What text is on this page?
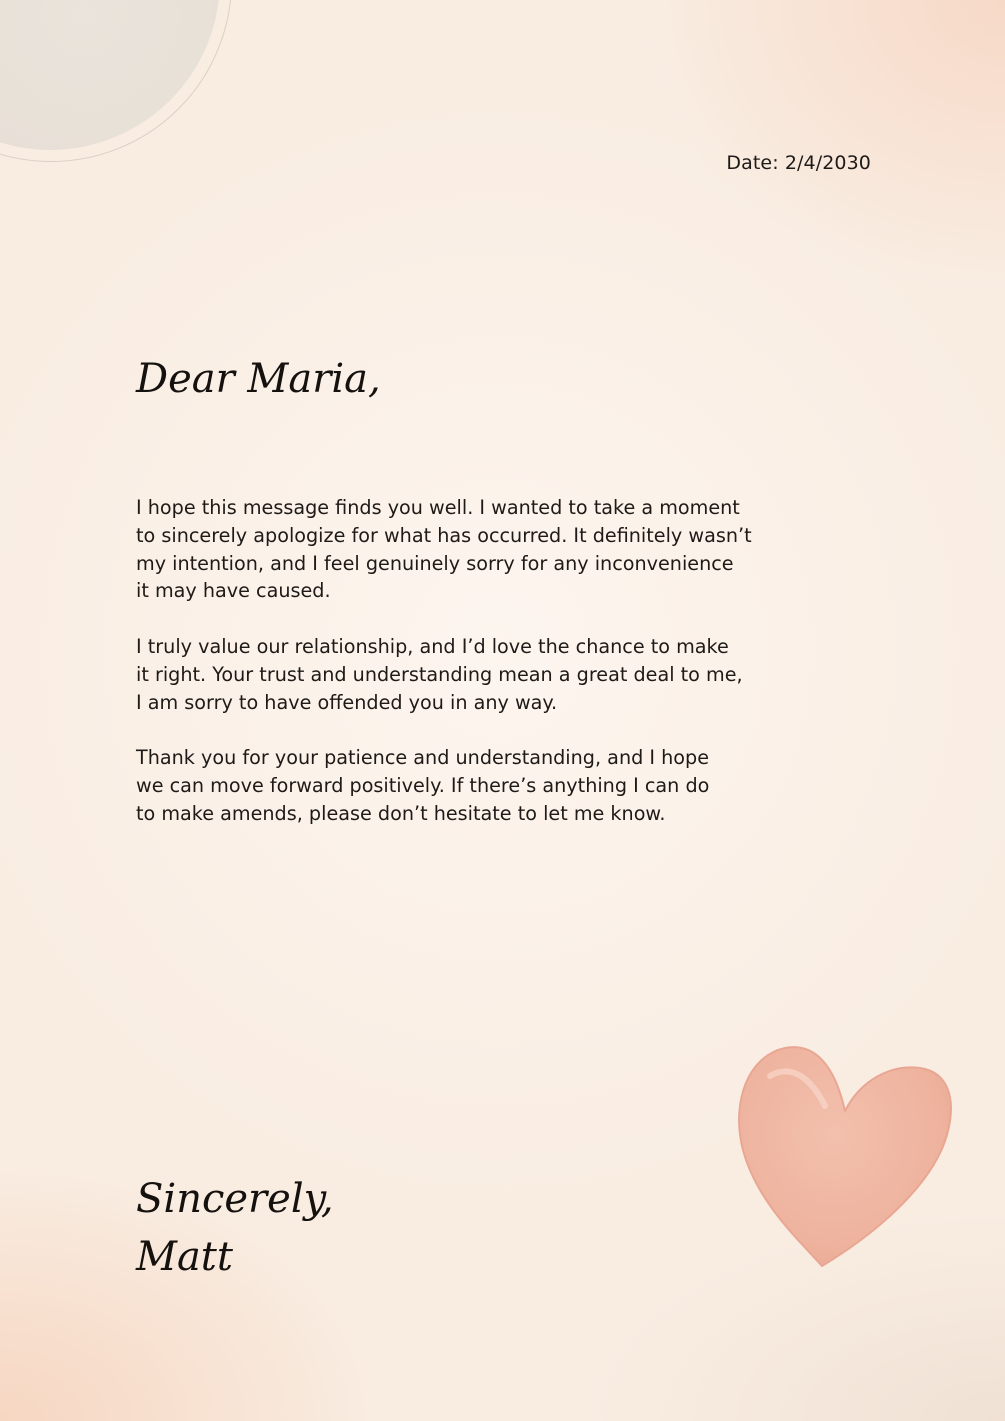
Date: 2/4/2030
Dear Maria,

I hope this message finds you well. I wanted to take a moment
to sincerely apologize for what has occurred. It definitely wasn’t
my intention, and I feel genuinely sorry for any inconvenience
it may have caused.

I truly value our relationship, and I’d love the chance to make
it right. Your trust and understanding mean a great deal to me,
I am sorry to have offended you in any way.

Thank you for your patience and understanding, and I hope
we can move forward positively. If there’s anything I can do
to make amends, please don’t hesitate to let me know.

Sincerely,
Matt
